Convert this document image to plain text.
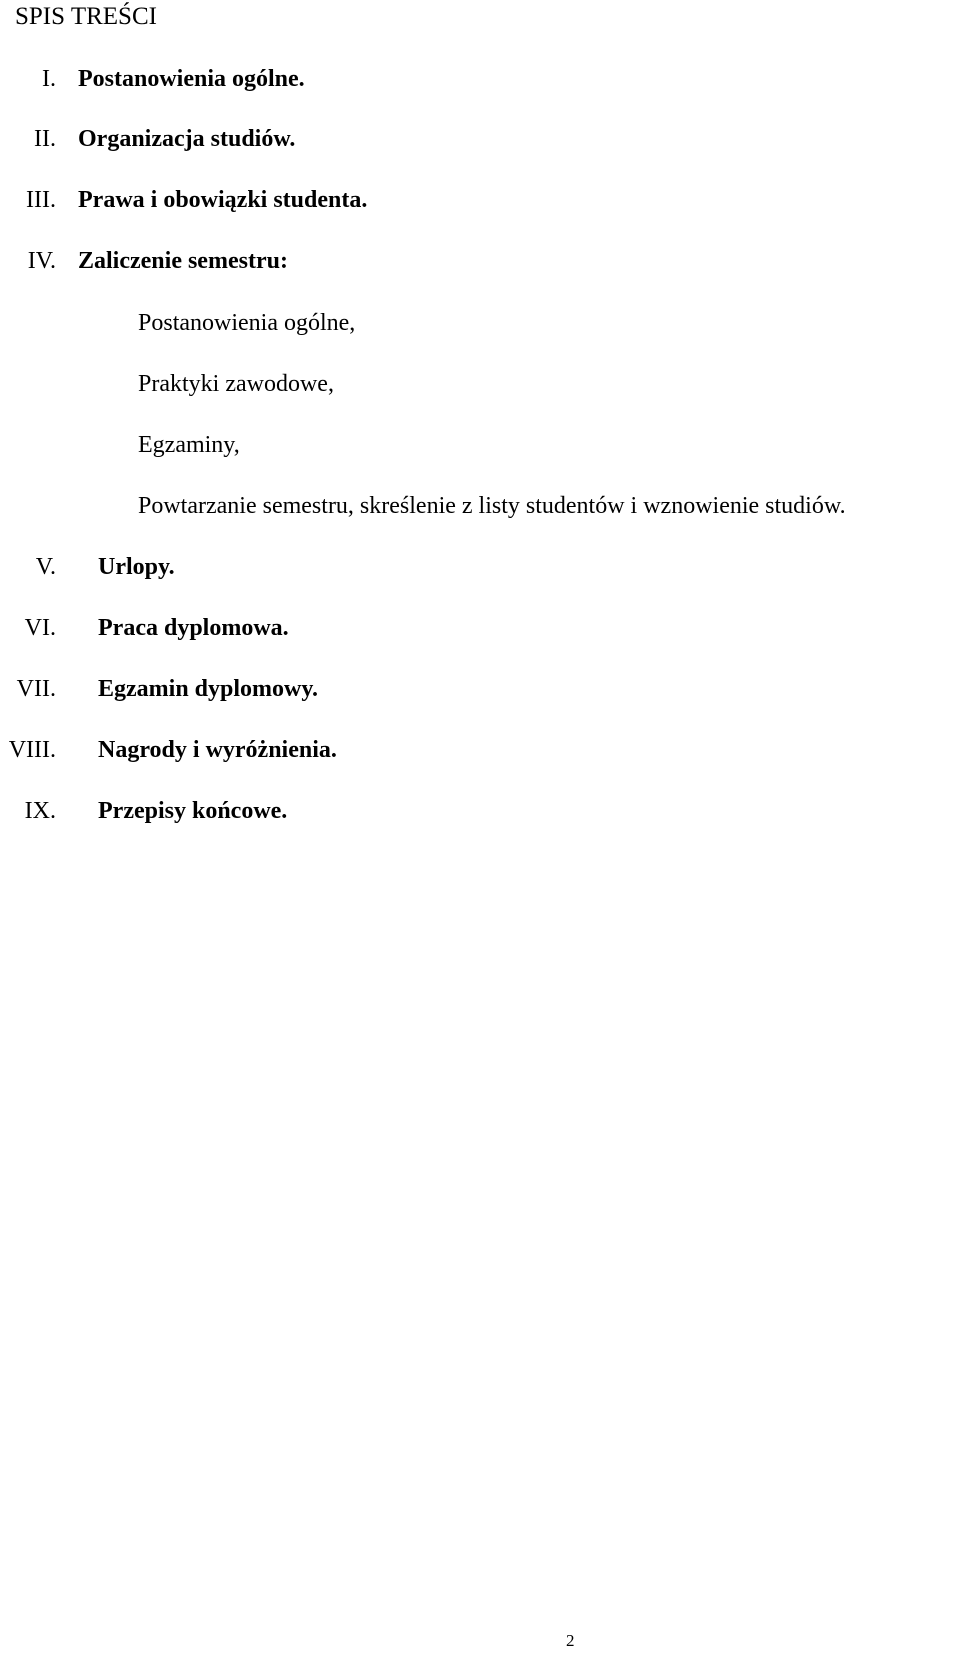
SPIS TREŚCI
I. Postanowienia ogólne.
II. Organizacja studiów.
III. Prawa i obowiązki studenta.
IV. Zaliczenie semestru:
Postanowienia ogólne,
Praktyki zawodowe,
Egzaminy,
Powtarzanie semestru, skreślenie z listy studentów i wznowienie studiów.
V. Urlopy.
VI. Praca dyplomowa.
VII. Egzamin dyplomowy.
VIII. Nagrody i wyróżnienia.
IX. Przepisy końcowe.
2
